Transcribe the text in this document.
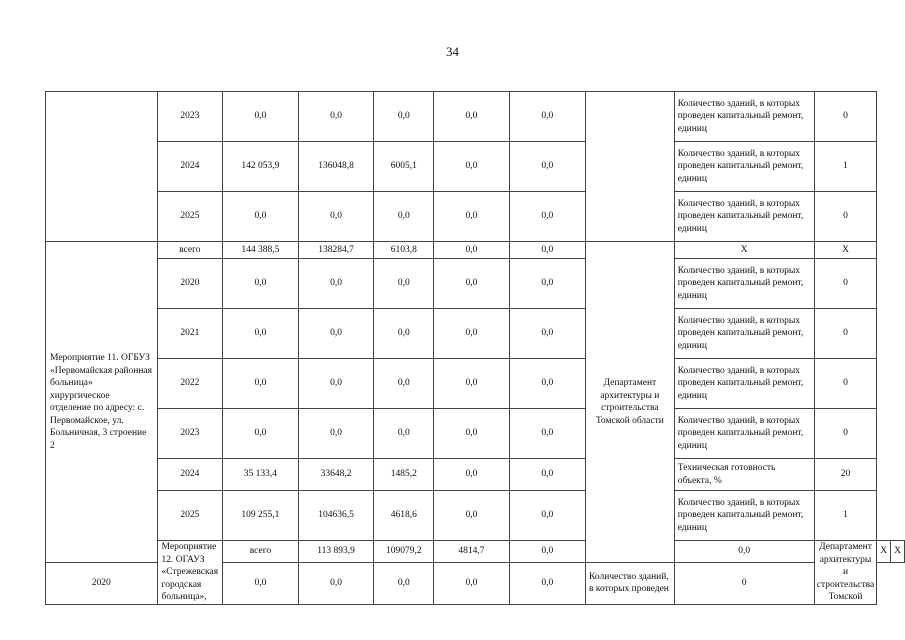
34
	2023	0,0	0,0	0,0	0,0	0,0		Количество зданий, в которых проведен капитальный ремонт, единиц	0		
	2024	142 053,9	136048,8	6005,1	0,0	0,0		Количество зданий, в которых проведен капитальный ремонт, единиц	1		
	2025	0,0	0,0	0,0	0,0	0,0		Количество зданий, в которых проведен капитальный ремонт, единиц	0		
Мероприятие 11. ОГБУЗ «Первомайская районная больница» хирургическое отделение по адресу: с. Первомайское, ул. Больничная, 3 строение 2	всего	144 388,5	138284,7	6103,8	0,0	0,0	Департамент архитектуры и строительства Томской области	X	X		
	2020	0,0	0,0	0,0	0,0	0,0		Количество зданий, в которых проведен капитальный ремонт, единиц	0		
	2021	0,0	0,0	0,0	0,0	0,0		Количество зданий, в которых проведен капитальный ремонт, единиц	0		
	2022	0,0	0,0	0,0	0,0	0,0		Количество зданий, в которых проведен капитальный ремонт, единиц	0		
	2023	0,0	0,0	0,0	0,0	0,0		Количество зданий, в которых проведен капитальный ремонт, единиц	0		
	2024	35 133,4	33648,2	1485,2	0,0	0,0		Техническая готовность объекта, %	20		
	2025	109 255,1	104636,5	4618,6	0,0	0,0		Количество зданий, в которых проведен капитальный ремонт, единиц	1		
	Мероприятие 12. ОГАУЗ «Стрежевская городская больница»,	всего	113 893,9	109079,2	4814,7	0,0		0,0	Департамент архитектуры и строительства Томской	X	X
2020		0,0	0,0	0,0	0,0	0,0	Количество зданий, в которых проведен	0			
